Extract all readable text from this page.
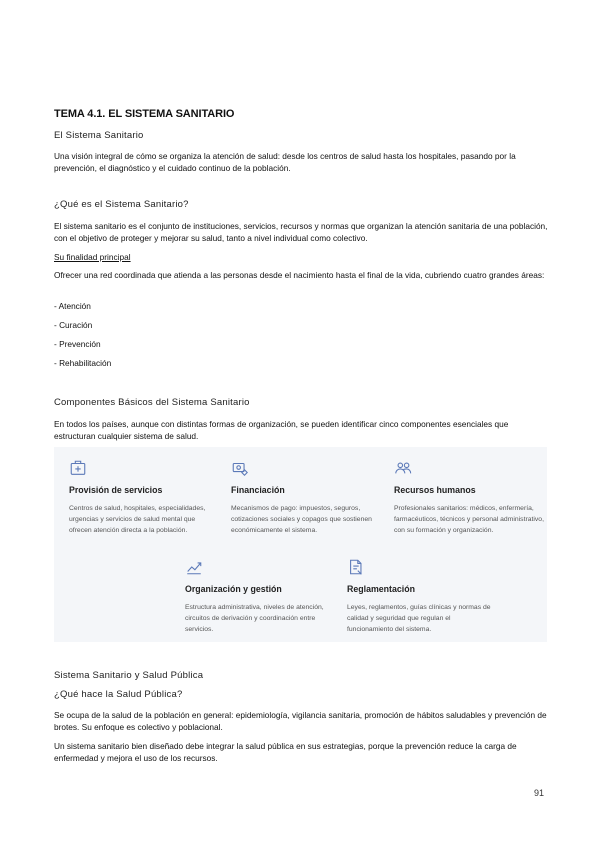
TEMA 4.1. EL SISTEMA SANITARIO
El Sistema Sanitario
Una visión integral de cómo se organiza la atención de salud: desde los centros de salud hasta los hospitales, pasando por la prevención, el diagnóstico y el cuidado continuo de la población.
¿Qué es el Sistema Sanitario?
El sistema sanitario es el conjunto de instituciones, servicios, recursos y normas que organizan la atención sanitaria de una población, con el objetivo de proteger y mejorar su salud, tanto a nivel individual como colectivo.
Su finalidad principal
Ofrecer una red coordinada que atienda a las personas desde el nacimiento hasta el final de la vida, cubriendo cuatro grandes áreas:
- Atención
- Curación
- Prevención
- Rehabilitación
Componentes Básicos del Sistema Sanitario
En todos los países, aunque con distintas formas de organización, se pueden identificar cinco componentes esenciales que estructuran cualquier sistema de salud.
Provisión de servicios
Centros de salud, hospitales, especialidades, urgencias y servicios de salud mental que ofrecen atención directa a la población.
Financiación
Mecanismos de pago: impuestos, seguros, cotizaciones sociales y copagos que sostienen económicamente el sistema.
Recursos humanos
Profesionales sanitarios: médicos, enfermería, farmacéuticos, técnicos y personal administrativo, con su formación y organización.
Organización y gestión
Estructura administrativa, niveles de atención, circuitos de derivación y coordinación entre servicios.
Reglamentación
Leyes, reglamentos, guías clínicas y normas de calidad y seguridad que regulan el funcionamiento del sistema.
Sistema Sanitario y Salud Pública
¿Qué hace la Salud Pública?
Se ocupa de la salud de la población en general: epidemiología, vigilancia sanitaria, promoción de hábitos saludables y prevención de brotes. Su enfoque es colectivo y poblacional.
Un sistema sanitario bien diseñado debe integrar la salud pública en sus estrategias, porque la prevención reduce la carga de enfermedad y mejora el uso de los recursos.
91
